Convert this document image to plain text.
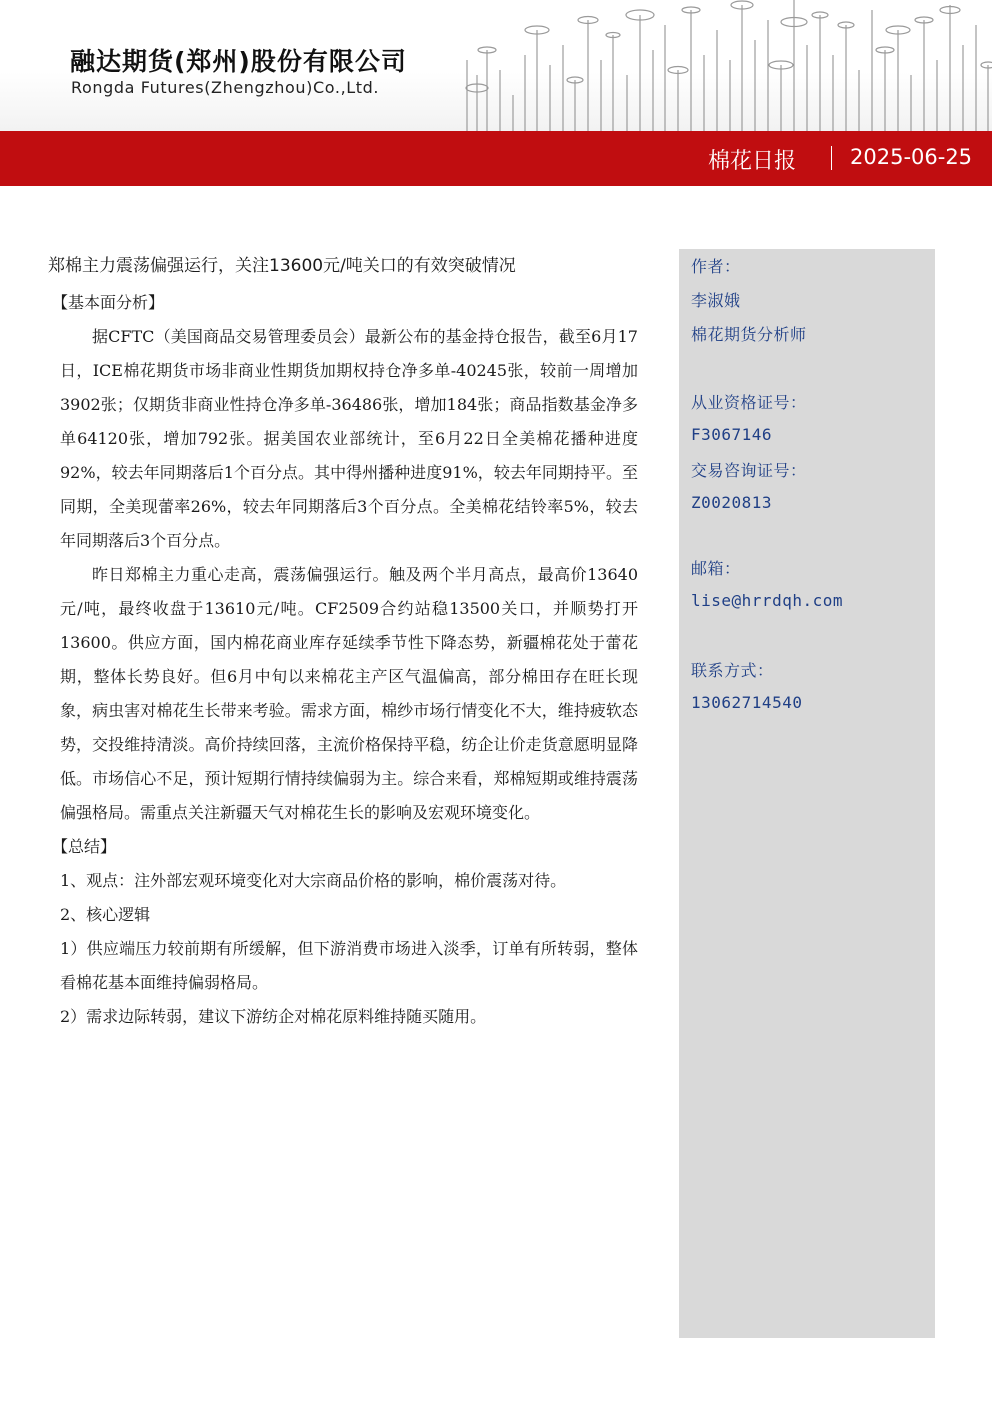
融达期货(郑州)股份有限公司
Rongda Futures(Zhengzhou)Co.,Ltd.
棉花日报	2025-06-25

郑棉主力震荡偏强运行，关注13600元/吨关口的有效突破情况

【基本面分析】

据CFTC（美国商品交易管理委员会）最新公布的基金持仓报告，截至6月17日，ICE棉花期货市场非商业性期货加期权持仓净多单-40245张，较前一周增加3902张；仅期货非商业性持仓净多单-36486张，增加184张；商品指数基金净多单64120张，增加792张。据美国农业部统计，至6月22日全美棉花播种进度92%，较去年同期落后1个百分点。其中得州播种进度91%，较去年同期持平。至同期，全美现蕾率26%，较去年同期落后3个百分点。全美棉花结铃率5%，较去年同期落后3个百分点。

昨日郑棉主力重心走高，震荡偏强运行。触及两个半月高点，最高价13640元/吨，最终收盘于13610元/吨。CF2509合约站稳13500关口，并顺势打开13600。供应方面，国内棉花商业库存延续季节性下降态势，新疆棉花处于蕾花期，整体长势良好。但6月中旬以来棉花主产区气温偏高，部分棉田存在旺长现象，病虫害对棉花生长带来考验。需求方面，棉纱市场行情变化不大，维持疲软态势，交投维持清淡。高价持续回落，主流价格保持平稳，纺企让价走货意愿明显降低。市场信心不足，预计短期行情持续偏弱为主。综合来看，郑棉短期或维持震荡偏强格局。需重点关注新疆天气对棉花生长的影响及宏观环境变化。

【总结】

1、观点：注外部宏观环境变化对大宗商品价格的影响，棉价震荡对待。

2、核心逻辑

1）供应端压力较前期有所缓解，但下游消费市场进入淡季，订单有所转弱，整体看棉花基本面维持偏弱格局。

2）需求边际转弱，建议下游纺企对棉花原料维持随买随用。

作者：
李淑娥
棉花期货分析师
从业资格证号：
F3067146
交易咨询证号：
Z0020813
邮箱：
lise@hrrdqh.com
联系方式：
13062714540
